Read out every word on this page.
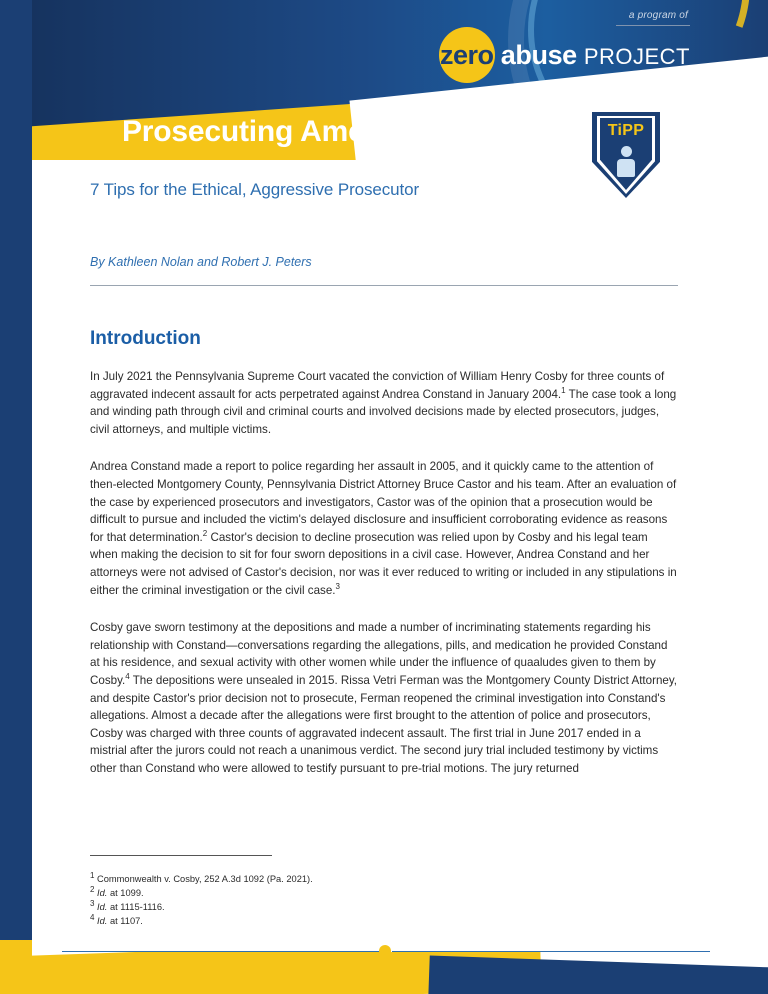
a program of
zero abuse PROJECT
Prosecuting America's Dad
7 Tips for the Ethical, Aggressive Prosecutor
TiPP
By Kathleen Nolan and Robert J. Peters
Introduction

In July 2021 the Pennsylvania Supreme Court vacated the conviction of William Henry Cosby for three counts of aggravated indecent assault for acts perpetrated against Andrea Constand in January 2004.$^1$ The case took a long and winding path through civil and criminal courts and involved decisions made by elected prosecutors, judges, civil attorneys, and multiple victims.

Andrea Constand made a report to police regarding her assault in 2005, and it quickly came to the attention of then-elected Montgomery County, Pennsylvania District Attorney Bruce Castor and his team. After an evaluation of the case by experienced prosecutors and investigators, Castor was of the opinion that a prosecution would be difficult to pursue and included the victim's delayed disclosure and insufficient corroborating evidence as reasons for that determination.$^2$ Castor's decision to decline prosecution was relied upon by Cosby and his legal team when making the decision to sit for four sworn depositions in a civil case. However, Andrea Constand and her attorneys were not advised of Castor's decision, nor was it ever reduced to writing or included in any stipulations in either the criminal investigation or the civil case.$^3$

Cosby gave sworn testimony at the depositions and made a number of incriminating statements regarding his relationship with Constand—conversations regarding the allegations, pills, and medication he provided Constand at his residence, and sexual activity with other women while under the influence of quaaludes given to them by Cosby.$^4$ The depositions were unsealed in 2015. Rissa Vetri Ferman was the Montgomery County District Attorney, and despite Castor's prior decision not to prosecute, Ferman reopened the criminal investigation into Constand's allegations. Almost a decade after the allegations were first brought to the attention of police and prosecutors, Cosby was charged with three counts of aggravated indecent assault. The first trial in June 2017 ended in a mistrial after the jurors could not reach a unanimous verdict. The second jury trial included testimony by victims other than Constand who were allowed to testify pursuant to pre-trial motions. The jury returned

$^1$ Commonwealth v. Cosby, 252 A.3d 1092 (Pa. 2021).
$^2$ Id. at 1099.
$^3$ Id. at 1115-1116.
$^4$ Id. at 1107.
